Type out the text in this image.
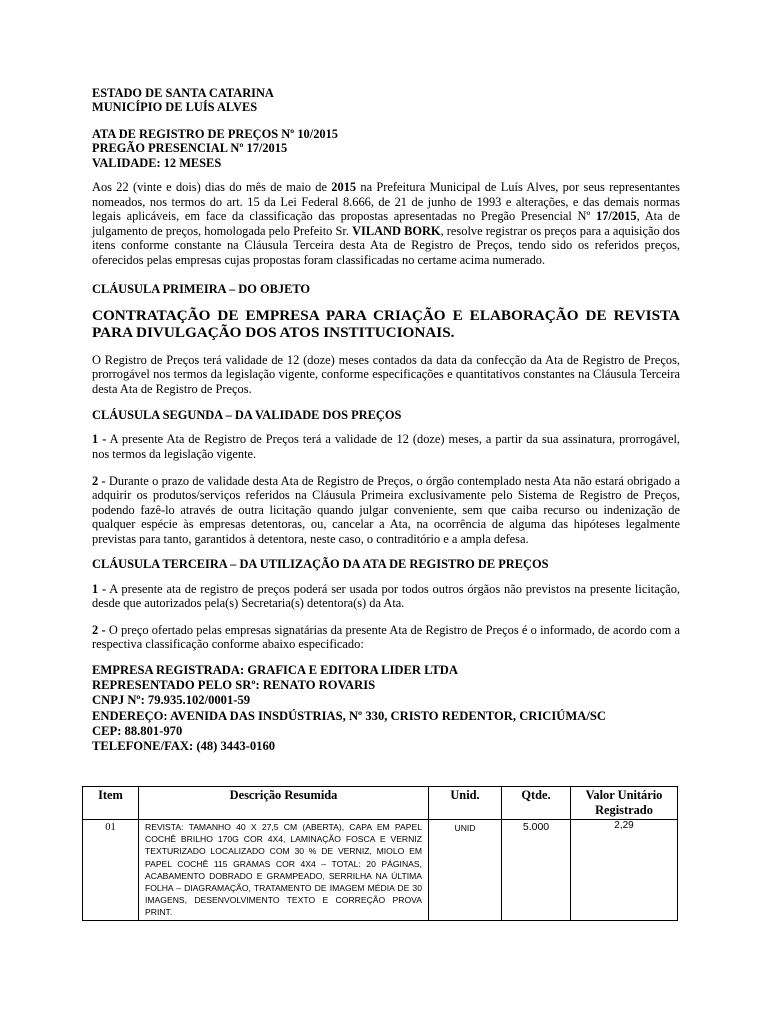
ESTADO DE SANTA CATARINA

MUNICÍPIO DE LUÍS ALVES

ATA DE REGISTRO DE PREÇOS Nº 10/2015

PREGÃO PRESENCIAL Nº 17/2015

VALIDADE: 12 MESES

Aos 22 (vinte e dois) dias do mês de maio de 2015 na Prefeitura Municipal de Luís Alves, por seus representantes nomeados, nos termos do art. 15 da Lei Federal 8.666, de 21 de junho de 1993 e alterações, e das demais normas legais aplicáveis, em face da classificação das propostas apresentadas no Pregão Presencial Nº 17/2015, Ata de julgamento de preços, homologada pelo Prefeito Sr. VILAND BORK, resolve registrar os preços para a aquisição dos itens conforme constante na Cláusula Terceira desta Ata de Registro de Preços, tendo sido os referidos preços, oferecidos pelas empresas cujas propostas foram classificadas no certame acima numerado.

CLÁUSULA PRIMEIRA – DO OBJETO

CONTRATAÇÃO DE EMPRESA PARA CRIAÇÃO E ELABORAÇÃO DE REVISTA PARA DIVULGAÇÃO DOS ATOS INSTITUCIONAIS.

O Registro de Preços terá validade de 12 (doze) meses contados da data da confecção da Ata de Registro de Preços, prorrogável nos termos da legislação vigente, conforme especificações e quantitativos constantes na Cláusula Terceira desta Ata de Registro de Preços.

CLÁUSULA SEGUNDA – DA VALIDADE DOS PREÇOS

1 - A presente Ata de Registro de Preços terá a validade de 12 (doze) meses, a partir da sua assinatura, prorrogável, nos termos da legislação vigente.

2 - Durante o prazo de validade desta Ata de Registro de Preços, o órgão contemplado nesta Ata não estará obrigado a adquirir os produtos/serviços referidos na Cláusula Primeira exclusivamente pelo Sistema de Registro de Preços, podendo fazê-lo através de outra licitação quando julgar conveniente, sem que caiba recurso ou indenização de qualquer espécie às empresas detentoras, ou, cancelar a Ata, na ocorrência de alguma das hipóteses legalmente previstas para tanto, garantidos à detentora, neste caso, o contraditório e a ampla defesa.

CLÁUSULA TERCEIRA – DA UTILIZAÇÃO DA ATA DE REGISTRO DE PREÇOS

1 - A presente ata de registro de preços poderá ser usada por todos outros órgãos não previstos na presente licitação, desde que autorizados pela(s) Secretaria(s) detentora(s) da Ata.

2 - O preço ofertado pelas empresas signatárias da presente Ata de Registro de Preços é o informado, de acordo com a respectiva classificação conforme abaixo especificado:

EMPRESA REGISTRADA: GRAFICA E EDITORA LIDER LTDA

REPRESENTADO PELO SRº: RENATO ROVARIS

CNPJ Nº: 79.935.102/0001-59

ENDEREÇO: AVENIDA DAS INSDÚSTRIAS, Nº 330, CRISTO REDENTOR, CRICIÚMA/SC

CEP: 88.801-970

TELEFONE/FAX: (48) 3443-0160

Item	Descrição Resumida	Unid.	Qtde.	Valor Unitário Registrado
01	REVISTA: TAMANHO 40 X 27,5 CM (ABERTA), CAPA EM PAPEL COCHÊ BRILHO 170G COR 4X4, LAMINAÇÃO FOSCA E VERNIZ TEXTURIZADO LOCALIZADO COM 30 % DE VERNIZ, MIOLO EM PAPEL COCHÊ 115 GRAMAS COR 4X4 – TOTAL: 20 PÁGINAS, ACABAMENTO DOBRADO E GRAMPEADO, SERRILHA NA ÚLTIMA FOLHA – DIAGRAMAÇÃO, TRATAMENTO DE IMAGEM MÉDIA DE 30 IMAGENS, DESENVOLVIMENTO TEXTO E CORREÇÃO PROVA PRINT.	UNID	5.000	2,29
